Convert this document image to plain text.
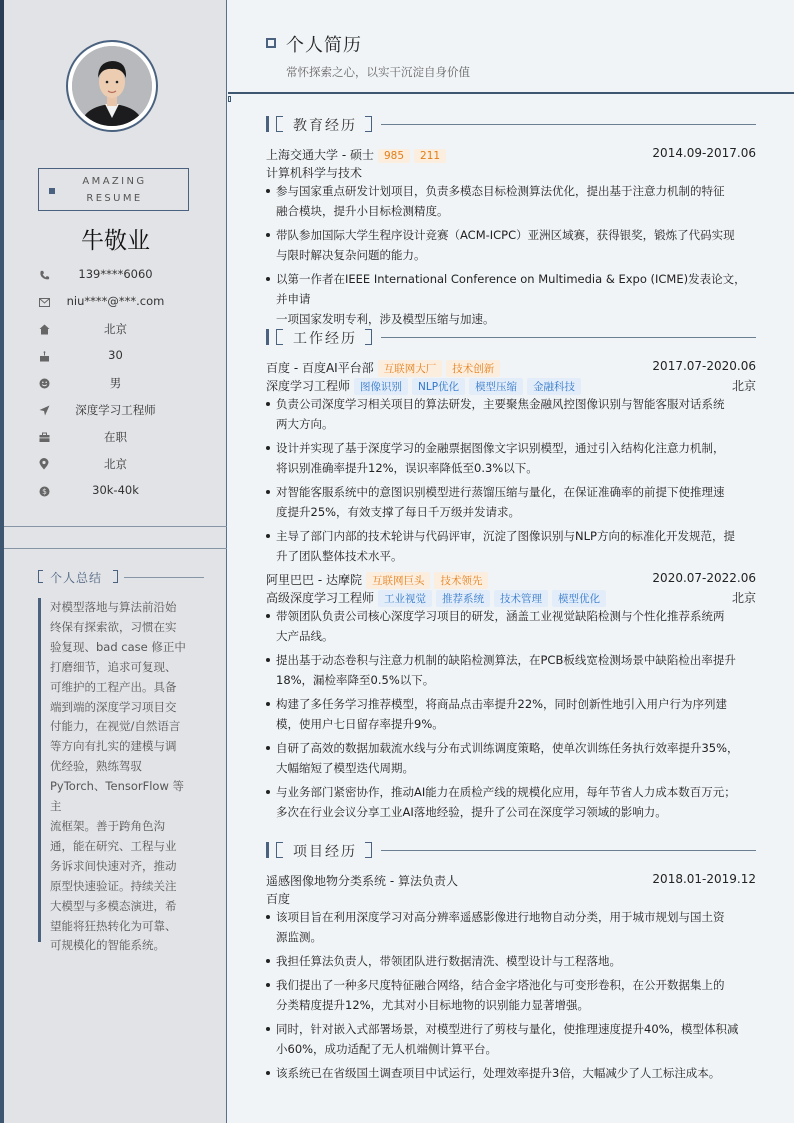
AMAZING
RESUME
牛敬业
139****6060
niu****@***.com
北京
30
男
深度学习工程师
在职
北京
$	30k-40k
个人总结
对模型落地与算法前沿始
终保有探索欲，习惯在实
验复现、bad case 修正中
打磨细节，追求可复现、
可维护的工程产出。具备
端到端的深度学习项目交
付能力，在视觉/自然语言
等方向有扎实的建模与调
优经验，熟练驾驭
PyTorch、TensorFlow 等主
流框架。善于跨角色沟
通，能在研究、工程与业
务诉求间快速对齐，推动
原型快速验证。持续关注
大模型与多模态演进，希
望能将狂热转化为可靠、
可规模化的智能系统。
个人简历
常怀探索之心，以实干沉淀自身价值
教育经历
上海交通大学 - 硕士 985 211	2014.09-2017.06
计算机科学与技术
参与国家重点研发计划项目，负责多模态目标检测算法优化，提出基于注意力机制的特征
融合模块，提升小目标检测精度。
带队参加国际大学生程序设计竞赛（ACM-ICPC）亚洲区域赛，获得银奖，锻炼了代码实现
与限时解决复杂问题的能力。
以第一作者在IEEE International Conference on Multimedia & Expo (ICME)发表论文，并申请
一项国家发明专利，涉及模型压缩与加速。
工作经历
百度 - 百度AI平台部 互联网大厂 技术创新	2017.07-2020.06
深度学习工程师 图像识别 NLP优化 模型压缩 金融科技	北京
负责公司深度学习相关项目的算法研发，主要聚焦金融风控图像识别与智能客服对话系统
两大方向。
设计并实现了基于深度学习的金融票据图像文字识别模型，通过引入结构化注意力机制，
将识别准确率提升12%，误识率降低至0.3%以下。
对智能客服系统中的意图识别模型进行蒸馏压缩与量化，在保证准确率的前提下使推理速
度提升25%，有效支撑了每日千万级并发请求。
主导了部门内部的技术轮讲与代码评审，沉淀了图像识别与NLP方向的标准化开发规范，提
升了团队整体技术水平。
阿里巴巴 - 达摩院 互联网巨头 技术领先	2020.07-2022.06
高级深度学习工程师 工业视觉 推荐系统 技术管理 模型优化	北京
带领团队负责公司核心深度学习项目的研发，涵盖工业视觉缺陷检测与个性化推荐系统两
大产品线。
提出基于动态卷积与注意力机制的缺陷检测算法，在PCB板线宽检测场景中缺陷检出率提升
18%，漏检率降至0.5%以下。
构建了多任务学习推荐模型，将商品点击率提升22%，同时创新性地引入用户行为序列建
模，使用户七日留存率提升9%。
自研了高效的数据加载流水线与分布式训练调度策略，使单次训练任务执行效率提升35%，
大幅缩短了模型迭代周期。
与业务部门紧密协作，推动AI能力在质检产线的规模化应用，每年节省人力成本数百万元；
多次在行业会议分享工业AI落地经验，提升了公司在深度学习领域的影响力。
项目经历
遥感图像地物分类系统 - 算法负责人	2018.01-2019.12
百度
该项目旨在利用深度学习对高分辨率遥感影像进行地物自动分类，用于城市规划与国土资
源监测。
我担任算法负责人，带领团队进行数据清洗、模型设计与工程落地。
我们提出了一种多尺度特征融合网络，结合金字塔池化与可变形卷积，在公开数据集上的
分类精度提升12%，尤其对小目标地物的识别能力显著增强。
同时，针对嵌入式部署场景，对模型进行了剪枝与量化，使推理速度提升40%，模型体积减
小60%，成功适配了无人机端侧计算平台。
该系统已在省级国土调查项目中试运行，处理效率提升3倍，大幅减少了人工标注成本。
